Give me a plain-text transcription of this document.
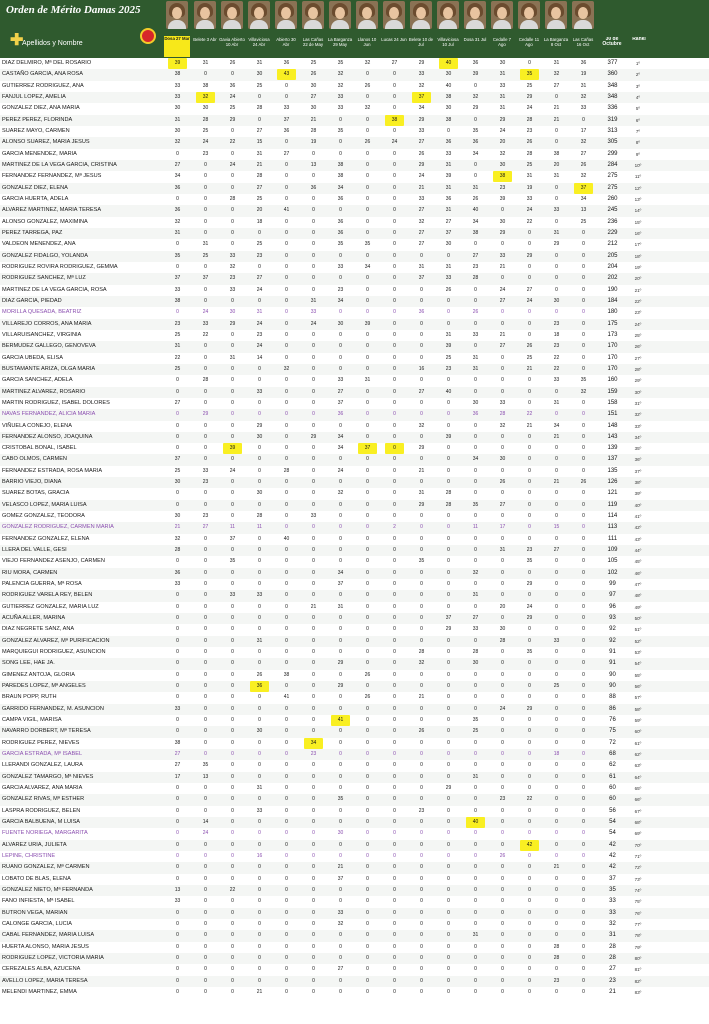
Orden de Mérito Damas 2025
✚
Apellidos y Nombre
Dosa 27 Mar Belete 3 Abr Gavia Abierto 10 Abr
Villaviciosa 24 Abr
Abierto 30 Abr
Las Cañas 22 de May
La Barganza 29 May
Llanos 10 Jun
Lucas 24 Jun Belete 10 de Jul
Villaviciosa 10 Jul
Dosa 31 Jul	Cedalle 7 Ago
Cedalle 11 Ago
La Barganza 8 Oct
Las Cañas 16 Oct
30 de Octubre
Ranki
DIAZ DELMIRO, Mª DEL ROSARIO	39	31	26	31	36	25	35	32	27	29	40	36	30	0	31	36	377	1º
CASTAÑO GARCIA, ANA ROSA	38	0	0	30	43	26	32	0	0	33	30	39	31	35	32	19	360	2º
GUTIERREZ RODRIGUEZ, ANA	33	38	36	25	0	30	32	26	0	32	40	0	33	25	27	31	348	3º
FANJUL LOPEZ, AMELIA	33	32	24	0	0	27	33	0	0	37	38	32	31	29	0	32	348	4º
GONZALEZ DIEZ, ANA MARIA	30	30	25	28	33	30	33	32	0	34	30	29	31	24	21	33	336	5º
PEREZ PEREZ, FLORINDA	31	28	29	0	37	21	0	0	38	29	38	0	29	28	21	0	319	6º
SUAREZ MAYO, CARMEN	30	25	0	27	36	28	35	0	0	33	0	35	24	23	0	17	313	7º
ALONSO SUAREZ, MARIA JESUS	32	24	22	15	0	19	0	26	24	27	36	36	20	26	0	32	305	8º
GARCIA MENENDEZ, MARIA	0	23	0	31	27	0	0	0	0	26	33	34	32	28	38	27	299	9º
MARTINEZ DE LA VEGA GARCIA, CRISTINA	27	0	24	21	0	13	38	0	0	29	31	0	30	25	20	26	284	10º
FERNANDEZ FERNANDEZ, Mª JESUS	34	0	0	28	0	0	38	0	0	24	39	0	38	31	31	32	275	11º
GONZALEZ DIEZ, ELENA	36	0	0	27	0	36	34	0	0	21	31	31	23	19	0	37	275	12º
GARCIA HUERTA, ADELA	0	0	28	25	0	0	36	0	0	33	36	26	39	33	0	34	260	13º
ALVAREZ MARTINEZ, MARIA TERESA	36	0	0	20	41	0	0	0	0	27	31	40	0	24	33	13	245	14º
ALONSO GONZALEZ, MAXIMINA	32	0	0	18	0	0	36	0	0	32	27	34	30	22	0	25	236	15º
PEREZ TARREGA, PAZ	31	0	0	0	0	0	36	0	0	27	37	38	29	0	31	0	229	16º
VALDEON MENENDEZ, ANA	0	31	0	25	0	0	35	35	0	27	30	0	0	0	29	0	212	17º
GONZALEZ FIDALGO, YOLANDA	35	25	33	23	0	0	0	0	0	0	0	27	33	29	0	0	205	18º
RODRIGUEZ ROVIRA RODRIGUEZ, GEMMA	0	0	32	0	0	0	33	34	0	31	31	23	21	0	0	0	204	19º
RODRIGUEZ SANCHEZ, Mª LUZ	37	37	23	27	0	0	0	0	0	37	33	28	0	0	0	0	202	20º
MARTINEZ DE LA VEGA GARCIA, ROSA	33	0	33	24	0	0	23	0	0	0	26	0	24	27	0	0	190	21º
DIAZ GARCIA, PIEDAD	38	0	0	0	0	31	34	0	0	0	0	0	27	24	30	0	184	22º
MORILLA QUESADA, BEATRIZ	0	24	30	31	0	33	0	0	0	36	0	26	0	0	0	0	180	23º
VILLAREJO CORROS, ANA MARIA	23	33	29	24	0	24	30	39	0	0	0	0	0	0	23	0	175	24º
VILLARUISANCHEZ, VIRGINIA	25	22	0	23	0	0	0	0	0	0	31	33	21	0	18	0	173	25º
BERMUDEZ GALLEGO, GENOVEVA	31	0	0	24	0	0	0	0	0	0	39	0	27	26	23	0	170	26º
GARCIA UBEDA, ELISA	22	0	31	14	0	0	0	0	0	0	25	31	0	25	22	0	170	27º
BUSTAMANTE ARIZA, OLGA MARIA	25	0	0	0	32	0	0	0	0	16	23	31	0	21	22	0	170	28º
GARCIA SANCHEZ, ADELA	0	28	0	0	0	0	33	31	0	0	0	0	0	0	33	35	160	29º
MARTINEZ ALVAREZ, ROSARIO	0	0	0	33	0	0	27	0	0	27	40	0	0	0	0	32	159	30º
MARTIN RODRIGUEZ, ISABEL DOLORES	27	0	0	0	0	0	37	0	0	0	0	30	33	0	31	0	158	31º
NAVAS FERNANDEZ, ALICIA MARIA	0	29	0	0	0	0	36	0	0	0	0	36	28	22	0	0	151	32º
VIÑUELA CONEJO, ELENA	0	0	0	29	0	0	0	0	0	32	0	0	32	21	34	0	148	33º
FERNANDEZ ALONSO, JOAQUINA	0	0	0	30	0	29	34	0	0	0	39	0	0	0	21	0	143	34º
CRISTOBAL BONAL, ISABEL	0	0	39	0	0	0	34	37	0	29	0	0	0	0	0	0	139	35º
CABO OLMOS, CARMEN	37	0	0	0	0	0	0	0	0	0	0	34	30	0	0	0	137	36º
FERNANDEZ ESTRADA, ROSA MARIA	25	33	24	0	28	0	24	0	0	21	0	0	0	0	0	0	135	37º
BARRIO VIEJO, DIANA	30	23	0	0	0	0	0	0	0	0	0	0	26	0	21	26	126	38º
SUAREZ BOTAS, GRACIA	0	0	0	30	0	0	32	0	0	31	28	0	0	0	0	0	121	39º
VELASCO LOPEZ, MARIA LUISA	0	0	0	0	0	0	0	0	0	29	28	35	27	0	0	0	119	40º
GOMEZ GONZALEZ, TEODORA	30	23	0	28	0	33	0	0	0	0	0	0	0	0	0	0	114	41º
GONZALEZ RODRIGUEZ, CARMEN MARIA	21	27	11	11	0	0	0	0	2	0	0	11	17	0	15	0	113	42º
FERNANDEZ GONZALEZ, ELENA	32	0	37	0	40	0	0	0	0	0	0	0	0	0	0	0	111	43º
LLERA DEL VALLE, GESI	28	0	0	0	0	0	0	0	0	0	0	0	31	23	27	0	109	44º
VIEJO FERNANDEZ ASENJO, CARMEN	0	0	35	0	0	0	0	0	0	35	0	0	0	35	0	0	105	45º
RIU MORA, CARMEN	36	0	0	0	0	0	34	0	0	0	0	32	0	0	0	0	102	46º
PALENCIA GUERRA, Mª ROSA	33	0	0	0	0	0	37	0	0	0	0	0	0	29	0	0	99	47º
RODRIGUEZ VARELA REY, BELEN	0	0	33	33	0	0	0	0	0	0	0	31	0	0	0	0	97	48º
GUTIERREZ GONZALEZ, MARIA LUZ	0	0	0	0	0	21	31	0	0	0	0	0	20	24	0	0	96	49º
ACUÑA ALLER, MARINA	0	0	0	0	0	0	0	0	0	0	37	27	0	29	0	0	93	50º
DIAZ NEGRETE SANZ, ANA	0	0	0	0	0	0	0	0	0	0	29	33	30	0	0	0	92	51º
GONZALEZ ALVAREZ, Mª PURIFICACION	0	0	0	31	0	0	0	0	0	0	0	0	28	0	33	0	92	52º
MARQUIEGUI RODRIGUEZ, ASUNCION	0	0	0	0	0	0	0	0	0	28	0	28	0	35	0	0	91	53º
SONG LEE, HAE JA.	0	0	0	0	0	0	29	0	0	32	0	30	0	0	0	0	91	54º
GIMENEZ ANTOJA, GLORIA	0	0	0	26	38	0	0	26	0	0	0	0	0	0	0	0	90	55º
PAREDES LOPEZ, Mª ANGELES	0	0	0	36	0	0	29	0	0	0	0	0	0	0	25	0	90	56º
BRAUN POPP, RUTH	0	0	0	0	41	0	0	26	0	21	0	0	0	0	0	0	88	57º
GARRIDO FERNANDEZ, M. ASUNCION	33	0	0	0	0	0	0	0	0	0	0	0	24	29	0	0	86	58º
CAMPA VIGIL, MARISA	0	0	0	0	0	0	41	0	0	0	0	35	0	0	0	0	76	59º
NAVARRO DORBERT, Mª TERESA	0	0	0	30	0	0	0	0	0	26	0	25	0	0	0	0	75	60º
RODRIGUEZ PEREZ, NIEVES	38	0	0	0	0	34	0	0	0	0	0	0	0	0	0	0	72	61º
GARCIA ESTRADA, Mª ISABEL	27	0	0	0	0	23	0	0	0	0	0	0	0	0	18	0	68	62º
LLERANDI GONZALEZ, LAURA	27	35	0	0	0	0	0	0	0	0	0	0	0	0	0	0	62	63º
GONZALEZ TAMARGO, Mª NIEVES	17	13	0	0	0	0	0	0	0	0	0	31	0	0	0	0	61	64º
GARCIA ALVAREZ, ANA MARIA	0	0	0	31	0	0	0	0	0	0	29	0	0	0	0	0	60	65º
GONZALEZ RIVAS, Mª ESTHER	0	0	0	0	0	0	35	0	0	0	0	0	23	22	0	0	60	66º
LASPRA RODRIGUEZ, BELEN	0	0	0	33	0	0	0	0	0	23	0	0	0	0	0	0	56	67º
GARCIA BALBUENA, M LUISA	0	14	0	0	0	0	0	0	0	0	0	40	0	0	0	0	54	68º
FUENTE NORIEGA, MARGARITA	0	24	0	0	0	0	30	0	0	0	0	0	0	0	0	0	54	69º
ALVAREZ URIA, JULIETA	0	0	0	0	0	0	0	0	0	0	0	0	0	42	0	0	42	70º
LEPINE, CHRISTINE	0	0	0	16	0	0	0	0	0	0	0	0	26	0	0	0	42	71º
RUANO GONZALEZ, Mª CARMEN	0	0	0	0	0	0	21	0	0	0	0	0	0	0	21	0	42	72º
LOBATO DE BLAS, ELENA	0	0	0	0	0	0	37	0	0	0	0	0	0	0	0	0	37	73º
GONZALEZ NIETO, Mª FERNANDA	13	0	22	0	0	0	0	0	0	0	0	0	0	0	0	0	35	74º
FANO INFIESTA, Mª ISABEL	33	0	0	0	0	0	0	0	0	0	0	0	0	0	0	0	33	75º
BUTRON VEGA, MARIAN	0	0	0	0	0	0	33	0	0	0	0	0	0	0	0	0	33	76º
CALONGE GARCIA, LUCIA	0	0	0	0	0	0	32	0	0	0	0	0	0	0	0	0	32	77º
CABAL FERNANDEZ, MARIA LUISA	0	0	0	0	0	0	0	0	0	0	0	31	0	0	0	0	31	78º
HUERTA ALONSO, MARIA JESUS	0	0	0	0	0	0	0	0	0	0	0	0	0	0	28	0	28	79º
RODRIGUEZ LOPEZ, VICTORIA MARIA	0	0	0	0	0	0	0	0	0	0	0	0	0	0	28	0	28	80º
CEREZALES ALBA, AZUCENA	0	0	0	0	0	0	27	0	0	0	0	0	0	0	0	0	27	81º
AVELLO LOPEZ, MARIA TERESA	0	0	0	0	0	0	0	0	0	0	0	0	0	0	23	0	23	82º
MELENDI MARTINEZ, EMMA	0	0	0	21	0	0	0	0	0	0	0	0	0	0	0	0	21	83º
